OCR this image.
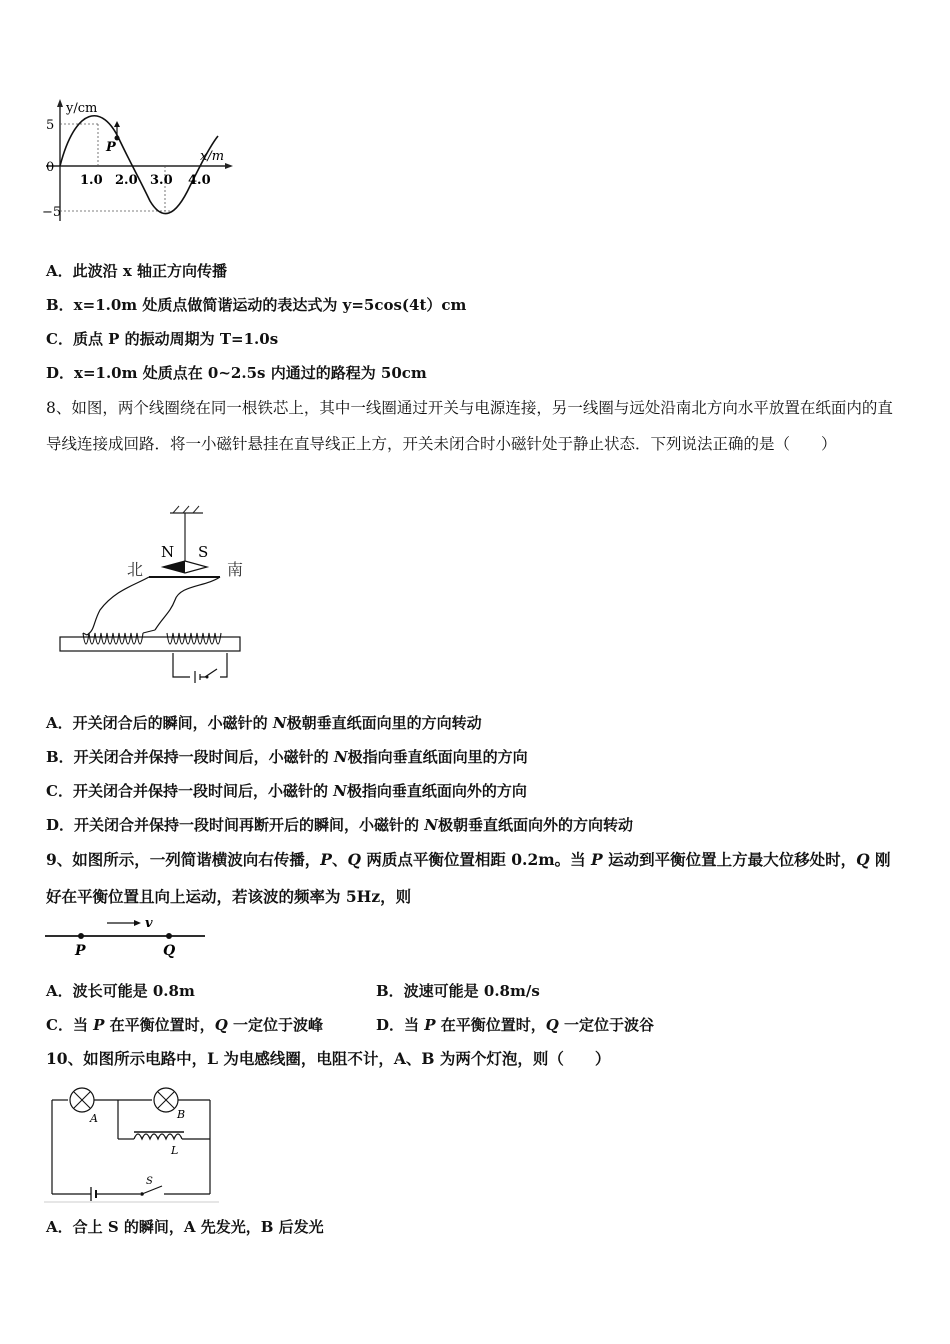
y/cm
x/m
5
−5
0
P
1.0 2.0 3.0 4.0
A．此波沿 x 轴正方向传播
B．x=1.0m 处质点做简谐运动的表达式为 y=5cos(4t）cm
C．质点 P 的振动周期为 T=1.0s
D．x=1.0m 处质点在 0~2.5s 内通过的路程为 50cm
8、如图，两个线圈绕在同一根铁芯上，其中一线圈通过开关与电源连接，另一线圈与远处沿南北方向水平放置在纸面内的直导线连接成回路．将一小磁针悬挂在直导线正上方，开关未闭合时小磁针处于静止状态．下列说法正确的是（　　）
N S
北	南
A．开关闭合后的瞬间，小磁针的 N极朝垂直纸面向里的方向转动
B．开关闭合并保持一段时间后，小磁针的 N极指向垂直纸面向里的方向
C．开关闭合并保持一段时间后，小磁针的 N极指向垂直纸面向外的方向
D．开关闭合并保持一段时间再断开后的瞬间，小磁针的 N极朝垂直纸面向外的方向转动
9、如图所示，一列简谐横波向右传播，P、Q 两质点平衡位置相距 0.2m。当 P 运动到平衡位置上方最大位移处时，Q 刚
好在平衡位置且向上运动，若该波的频率为 5Hz，则
v
P	Q
A．波长可能是 0.8m	B．波速可能是 0.8m/s
C．当 P 在平衡位置时，Q 一定位于波峰	D．当 P 在平衡位置时，Q 一定位于波谷
10、如图所示电路中，L 为电感线圈，电阻不计，A、B 为两个灯泡，则（　　）
A	B
L
S
A．合上 S 的瞬间，A 先发光，B 后发光
